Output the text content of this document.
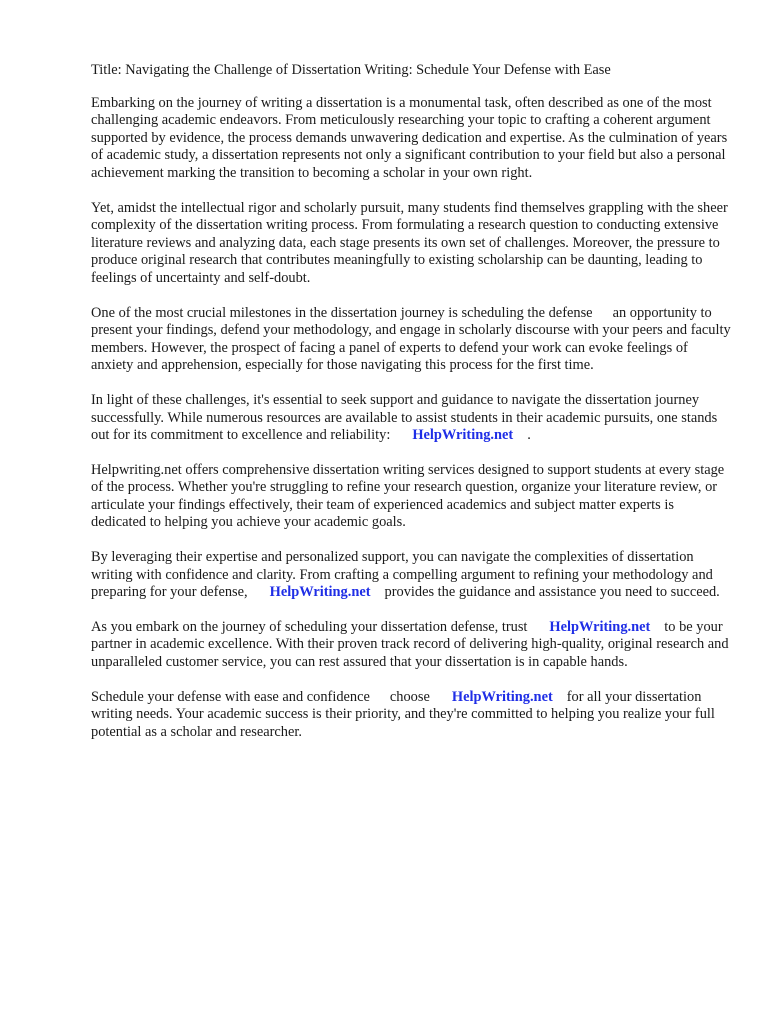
Title: Navigating the Challenge of Dissertation Writing: Schedule Your Defense with Ease

Embarking on the journey of writing a dissertation is a monumental task, often described as one of the most challenging academic endeavors. From meticulously researching your topic to crafting a coherent argument supported by evidence, the process demands unwavering dedication and expertise. As the culmination of years of academic study, a dissertation represents not only a significant contribution to your field but also a personal achievement marking the transition to becoming a scholar in your own right.

Yet, amidst the intellectual rigor and scholarly pursuit, many students find themselves grappling with the sheer complexity of the dissertation writing process. From formulating a research question to conducting extensive literature reviews and analyzing data, each stage presents its own set of challenges. Moreover, the pressure to produce original research that contributes meaningfully to existing scholarship can be daunting, leading to feelings of uncertainty and self-doubt.

One of the most crucial milestones in the dissertation journey is scheduling the defense an opportunity to present your findings, defend your methodology, and engage in scholarly discourse with your peers and faculty members. However, the prospect of facing a panel of experts to defend your work can evoke feelings of anxiety and apprehension, especially for those navigating this process for the first time.

In light of these challenges, it's essential to seek support and guidance to navigate the dissertation journey successfully. While numerous resources are available to assist students in their academic pursuits, one stands out for its commitment to excellence and reliability: HelpWriting.net .

Helpwriting.net offers comprehensive dissertation writing services designed to support students at every stage of the process. Whether you're struggling to refine your research question, organize your literature review, or articulate your findings effectively, their team of experienced academics and subject matter experts is dedicated to helping you achieve your academic goals.

By leveraging their expertise and personalized support, you can navigate the complexities of dissertation writing with confidence and clarity. From crafting a compelling argument to refining your methodology and preparing for your defense, HelpWriting.net provides the guidance and assistance you need to succeed.

As you embark on the journey of scheduling your dissertation defense, trust HelpWriting.net to be your partner in academic excellence. With their proven track record of delivering high-quality, original research and unparalleled customer service, you can rest assured that your dissertation is in capable hands.

Schedule your defense with ease and confidence choose HelpWriting.net for all your dissertation writing needs. Your academic success is their priority, and they're committed to helping you realize your full potential as a scholar and researcher.
